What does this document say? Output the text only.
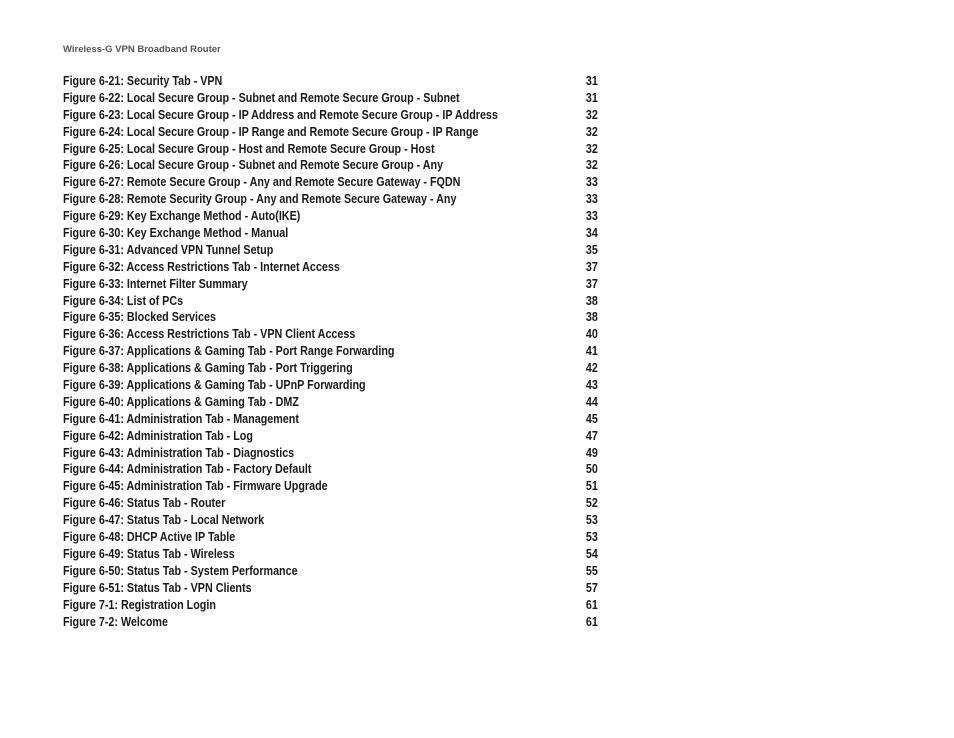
Wireless-G VPN Broadband Router
Figure 6-21: Security Tab - VPN	31
Figure 6-22: Local Secure Group - Subnet and Remote Secure Group - Subnet	31
Figure 6-23: Local Secure Group - IP Address and Remote Secure Group - IP Address	32
Figure 6-24: Local Secure Group - IP Range and Remote Secure Group - IP Range	32
Figure 6-25: Local Secure Group - Host and Remote Secure Group - Host	32
Figure 6-26: Local Secure Group - Subnet and Remote Secure Group - Any	32
Figure 6-27: Remote Secure Group - Any and Remote Secure Gateway - FQDN	33
Figure 6-28: Remote Security Group - Any and Remote Secure Gateway - Any	33
Figure 6-29: Key Exchange Method - Auto(IKE)	33
Figure 6-30: Key Exchange Method - Manual	34
Figure 6-31: Advanced VPN Tunnel Setup	35
Figure 6-32: Access Restrictions Tab - Internet Access	37
Figure 6-33: Internet Filter Summary	37
Figure 6-34: List of PCs	38
Figure 6-35: Blocked Services	38
Figure 6-36: Access Restrictions Tab - VPN Client Access	40
Figure 6-37: Applications & Gaming Tab - Port Range Forwarding	41
Figure 6-38: Applications & Gaming Tab - Port Triggering	42
Figure 6-39: Applications & Gaming Tab - UPnP Forwarding	43
Figure 6-40: Applications & Gaming Tab - DMZ	44
Figure 6-41: Administration Tab - Management	45
Figure 6-42: Administration Tab - Log	47
Figure 6-43: Administration Tab - Diagnostics	49
Figure 6-44: Administration Tab - Factory Default	50
Figure 6-45: Administration Tab - Firmware Upgrade	51
Figure 6-46: Status Tab - Router	52
Figure 6-47: Status Tab - Local Network	53
Figure 6-48: DHCP Active IP Table	53
Figure 6-49: Status Tab - Wireless	54
Figure 6-50: Status Tab - System Performance	55
Figure 6-51: Status Tab - VPN Clients	57
Figure 7-1: Registration Login	61
Figure 7-2: Welcome	61
